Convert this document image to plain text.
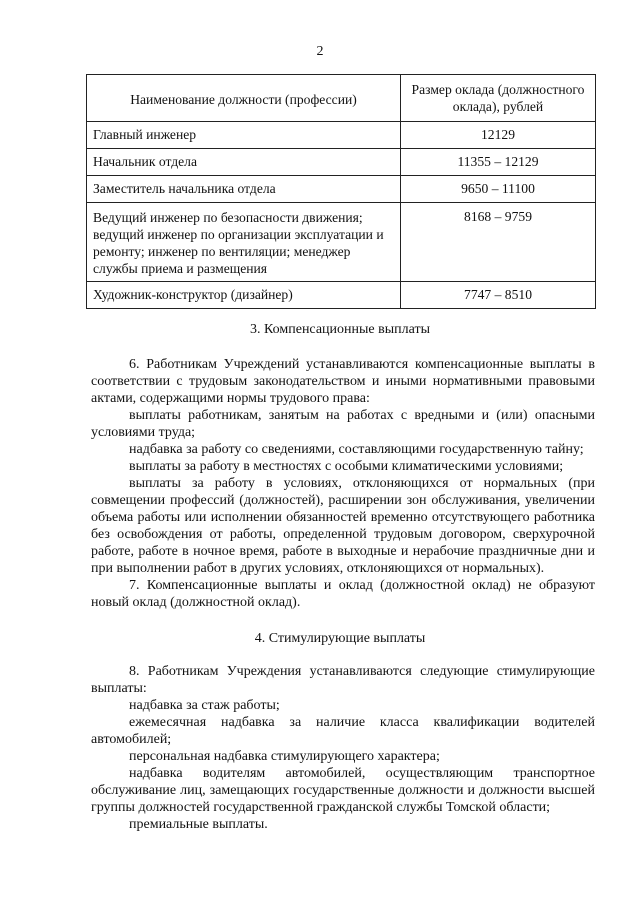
2
Наименование должности (профессии)	Размер оклада (должностного оклада), рублей
Главный инженер	12129
Начальник отдела	11355 – 12129
Заместитель начальника отдела	9650 – 11100
Ведущий инженер по безопасности движения; ведущий инженер по организации эксплуатации и ремонту; инженер по вентиляции; менеджер службы приема и размещения	8168 – 9759
Художник-конструктор (дизайнер)	7747 – 8510
3. Компенсационные выплаты

6. Работникам Учреждений устанавливаются компенсационные выплаты в соответствии с трудовым законодательством и иными нормативными правовыми актами, содержащими нормы трудового права:

выплаты работникам, занятым на работах с вредными и (или) опасными условиями труда;

надбавка за работу со сведениями, составляющими государственную тайну;

выплаты за работу в местностях с особыми климатическими условиями;

выплаты за работу в условиях, отклоняющихся от нормальных (при совмещении профессий (должностей), расширении зон обслуживания, увеличении объема работы или исполнении обязанностей временно отсутствующего работника без освобождения от работы, определенной трудовым договором, сверхурочной работе, работе в ночное время, работе в выходные и нерабочие праздничные дни и при выполнении работ в других условиях, отклоняющихся от нормальных).

7. Компенсационные выплаты и оклад (должностной оклад) не образуют новый оклад (должностной оклад).

4. Стимулирующие выплаты

8. Работникам Учреждения устанавливаются следующие стимулирующие выплаты:

надбавка за стаж работы;

ежемесячная надбавка за наличие класса квалификации водителей автомобилей;

персональная надбавка стимулирующего характера;

надбавка водителям автомобилей, осуществляющим транспортное обслуживание лиц, замещающих государственные должности и должности высшей группы должностей государственной гражданской службы Томской области;

премиальные выплаты.
